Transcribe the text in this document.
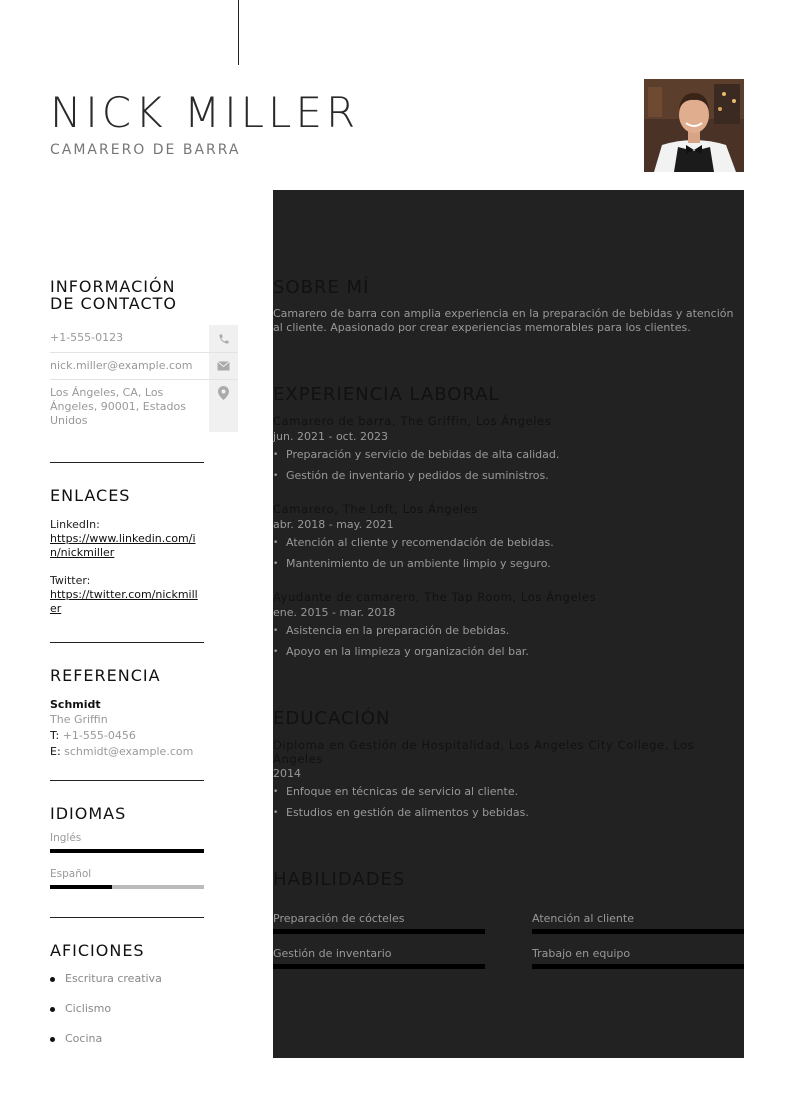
NICK MILLER
CAMARERO DE BARRA
INFORMACIÓN
DE CONTACTO
+1-555-0123
nick.miller@example.com
Los Ángeles, CA, Los Ángeles, 90001, Estados Unidos
ENLACES
LinkedIn:
https://www.linkedin.com/in/nickmiller
Twitter:
https://twitter.com/nickmiller
REFERENCIA
Schmidt
The Griffin
T: +1-555-0456
E: schmidt@example.com
IDIOMAS
Inglés
Español
AFICIONES
Escritura creativa
Ciclismo
Cocina
SOBRE MÍ
Camarero de barra con amplia experiencia en la preparación de bebidas y atención al cliente. Apasionado por crear experiencias memorables para los clientes.
EXPERIENCIA LABORAL
Camarero de barra, The Griffin, Los Ángeles
jun. 2021 - oct. 2023
• Preparación y servicio de bebidas de alta calidad.
• Gestión de inventario y pedidos de suministros.
Camarero, The Loft, Los Ángeles
abr. 2018 - may. 2021
• Atención al cliente y recomendación de bebidas.
• Mantenimiento de un ambiente limpio y seguro.
Ayudante de camarero, The Tap Room, Los Ángeles
ene. 2015 - mar. 2018
• Asistencia en la preparación de bebidas.
• Apoyo en la limpieza y organización del bar.
EDUCACIÓN
Diploma en Gestión de Hospitalidad, Los Angeles City College, Los Ángeles
2014
• Enfoque en técnicas de servicio al cliente.
• Estudios en gestión de alimentos y bebidas.
HABILIDADES
Preparación de cócteles	Atención al cliente
Gestión de inventario	Trabajo en equipo
